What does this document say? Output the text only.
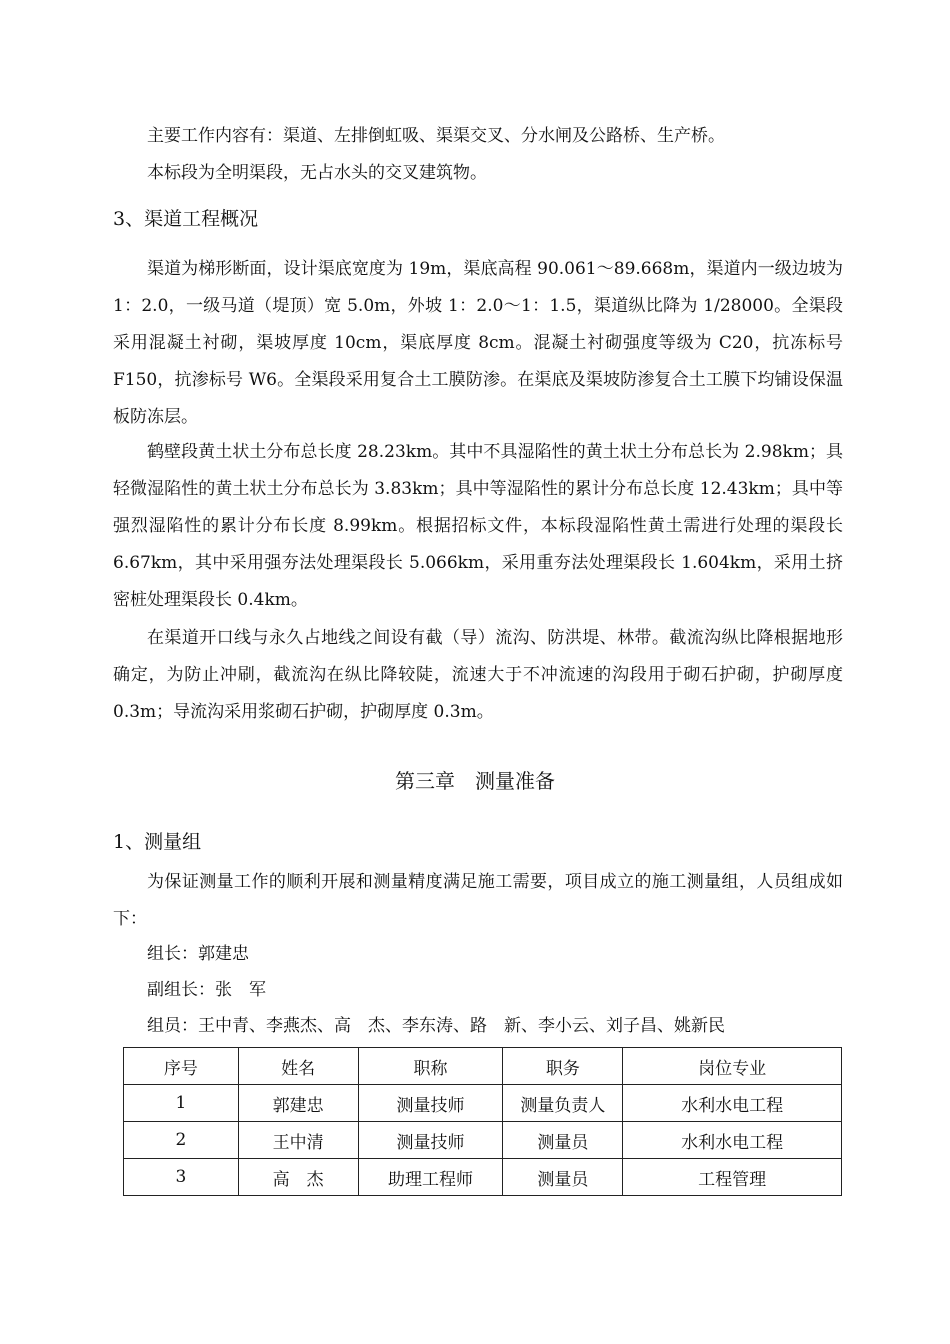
主要工作内容有：渠道、左排倒虹吸、渠渠交叉、分水闸及公路桥、生产桥。
本标段为全明渠段，无占水头的交叉建筑物。
3、渠道工程概况

渠道为梯形断面，设计渠底宽度为 19m，渠底高程 90.061～89.668m，渠道内一级边坡为 1：2.0，一级马道（堤顶）宽 5.0m，外坡 1：2.0～1：1.5，渠道纵比降为 1/28000。全渠段采用混凝土衬砌，渠坡厚度 10cm，渠底厚度 8cm。混凝土衬砌强度等级为 C20，抗冻标号 F150，抗渗标号 W6。全渠段采用复合土工膜防渗。在渠底及渠坡防渗复合土工膜下均铺设保温板防冻层。

鹤壁段黄土状土分布总长度 28.23km。其中不具湿陷性的黄土状土分布总长为 2.98km；具轻微湿陷性的黄土状土分布总长为 3.83km；具中等湿陷性的累计分布总长度 12.43km；具中等强烈湿陷性的累计分布长度 8.99km。根据招标文件，本标段湿陷性黄土需进行处理的渠段长 6.67km，其中采用强夯法处理渠段长 5.066km，采用重夯法处理渠段长 1.604km，采用土挤密桩处理渠段长 0.4km。

在渠道开口线与永久占地线之间设有截（导）流沟、防洪堤、林带。截流沟纵比降根据地形确定，为防止冲刷，截流沟在纵比降较陡，流速大于不冲流速的沟段用于砌石护砌，护砌厚度 0.3m；导流沟采用浆砌石护砌，护砌厚度 0.3m。

第三章　测量准备
1、测量组

为保证测量工作的顺利开展和测量精度满足施工需要，项目成立的施工测量组，人员组成如下：

组长：郭建忠
副组长：张　军
组员：王中青、李燕杰、高　杰、李东涛、路　新、李小云、刘子昌、姚新民
序号	姓名	职称	职务	岗位专业
1	郭建忠	测量技师	测量负责人	水利水电工程
2	王中清	测量技师	测量员	水利水电工程
3	高　杰	助理工程师	测量员	工程管理
